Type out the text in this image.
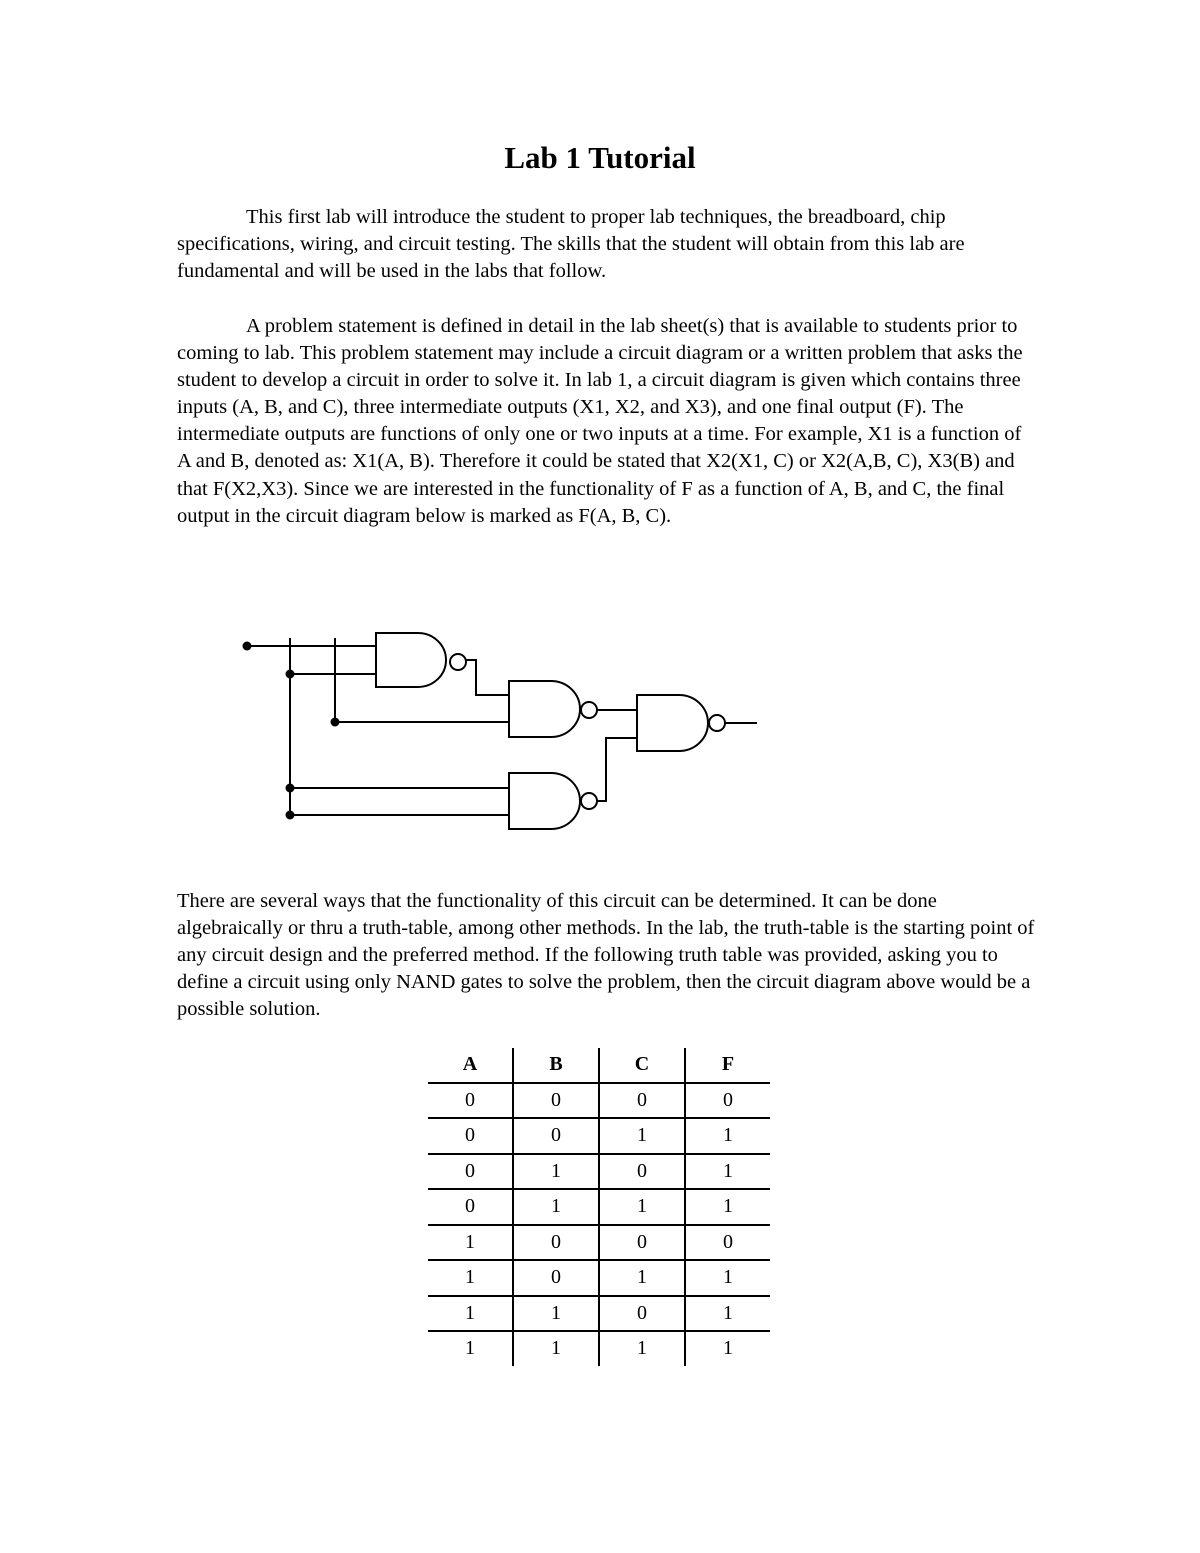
Lab 1 Tutorial

This first lab will introduce the student to proper lab techniques, the breadboard, chip specifications, wiring, and circuit testing. The skills that the student will obtain from this lab are fundamental and will be used in the labs that follow.

A problem statement is defined in detail in the lab sheet(s) that is available to students prior to coming to lab. This problem statement may include a circuit diagram or a written problem that asks the student to develop a circuit in order to solve it. In lab 1, a circuit diagram is given which contains three inputs (A, B, and C), three intermediate outputs (X1, X2, and X3), and one final output (F). The intermediate outputs are functions of only one or two inputs at a time. For example, X1 is a function of A and B, denoted as: X1(A, B). Therefore it could be stated that X2(X1, C) or X2(A,B, C), X3(B) and that F(X2,X3). Since we are interested in the functionality of F as a function of A, B, and C, the final output in the circuit diagram below is marked as F(A, B, C).

There are several ways that the functionality of this circuit can be determined. It can be done algebraically or thru a truth-table, among other methods. In the lab, the truth-table is the starting point of any circuit design and the preferred method. If the following truth table was provided, asking you to define a circuit using only NAND gates to solve the problem, then the circuit diagram above would be a possible solution.

A	B	C	F
0	0	0	0
0	0	1	1
0	1	0	1
0	1	1	1
1	0	0	0
1	0	1	1
1	1	0	1
1	1	1	1
